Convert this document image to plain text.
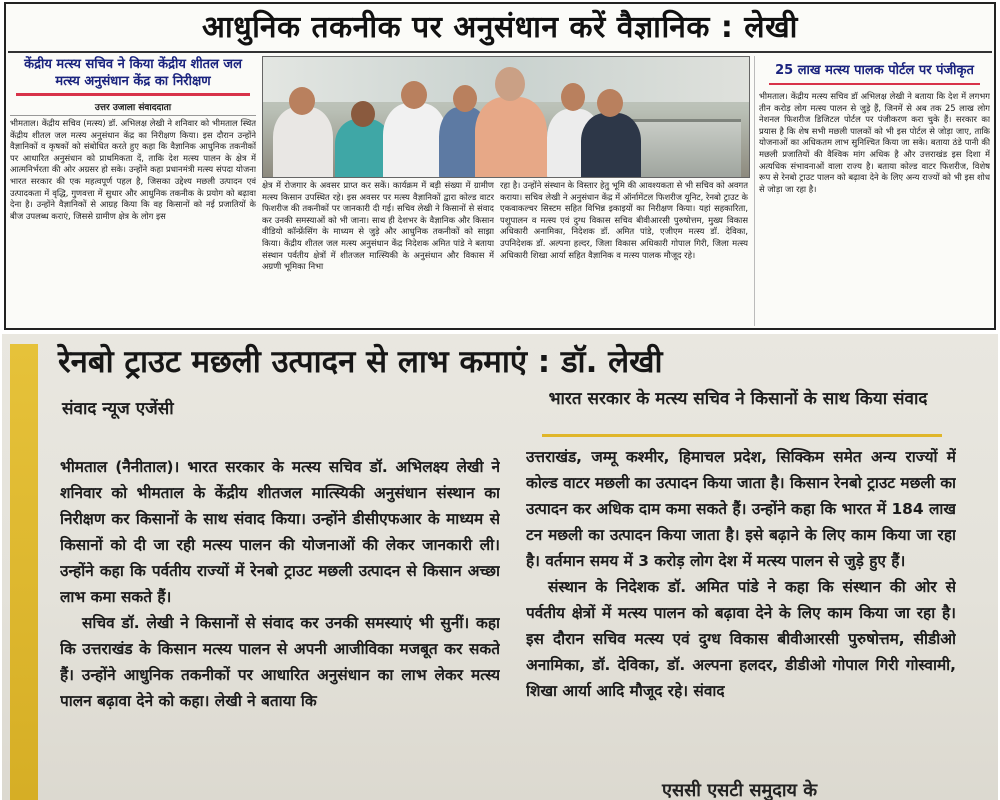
आधुनिक तकनीक पर अनुसंधान करें वैज्ञानिक : लेखी
केंद्रीय मत्स्य सचिव ने किया केंद्रीय शीतल जल मत्स्य अनुसंधान केंद्र का निरीक्षण
उत्तर उजाला संवाददाता

भीमताल। केंद्रीय सचिव (मत्स्य) डॉ. अभिलक्ष लेखी ने शनिवार को भीमताल स्थित केंद्रीय शीतल जल मत्स्य अनुसंधान केंद्र का निरीक्षण किया। इस दौरान उन्होंने वैज्ञानिकों व कृषकों को संबोधित करते हुए कहा कि वैज्ञानिक आधुनिक तकनीकों पर आधारित अनुसंधान को प्राथमिकता दें, ताकि देश मत्स्य पालन के क्षेत्र में आत्मनिर्भरता की ओर अग्रसर हो सके। उन्होंने कहा प्रधानमंत्री मत्स्य संपदा योजना भारत सरकार की एक महत्वपूर्ण पहल है, जिसका उद्देश्य मछली उत्पादन एवं उत्पादकता में वृद्धि, गुणवत्ता में सुधार और आधुनिक तकनीक के प्रयोग को बढ़ावा देना है। उन्होंने वैज्ञानिकों से आग्रह किया कि वह किसानों को नई प्रजातियों के बीज उपलब्ध कराएं, जिससे ग्रामीण क्षेत्र के लोग इस

क्षेत्र में रोजगार के अवसर प्राप्त कर सकें। कार्यक्रम में बड़ी संख्या में ग्रामीण मत्स्य किसान उपस्थित रहे। इस अवसर पर मत्स्य वैज्ञानिकों द्वारा कोल्ड वाटर फिशरीज की तकनीकों पर जानकारी दी गई। सचिव लेखी ने किसानों से संवाद कर उनकी समस्याओं को भी जाना। साथ ही देशभर के वैज्ञानिक और किसान वीडियो कॉन्फ्रेंसिंग के माध्यम से जुड़े और आधुनिक तकनीकों को साझा किया। केंद्रीय शीतल जल मत्स्य अनुसंधान केंद्र निदेशक अमित पांडे ने बताया संस्थान पर्वतीय क्षेत्रों में शीतजल मात्स्यिकी के अनुसंधान और विकास में अग्रणी भूमिका निभा

रहा है। उन्होंने संस्थान के विस्तार हेतु भूमि की आवश्यकता से भी सचिव को अवगत कराया। सचिव लेखी ने अनुसंधान केंद्र में ऑर्नामेंटल फिशरीज यूनिट, रेनबो ट्राउट के एकवाकल्चर सिस्टम सहित विभिन्न इकाइयों का निरीक्षण किया। यहां सहकारिता, पशुपालन व मत्स्य एवं दुग्ध विकास सचिव बीवीआरसी पुरुषोत्तम, मुख्य विकास अधिकारी अनामिका, निदेशक डॉ. अमित पांडे, एजीएम मत्स्य डॉ. देविका, उपनिदेशक डॉ. अल्पना हल्दर, जिला विकास अधिकारी गोपाल गिरी, जिला मत्स्य अधिकारी शिखा आर्या सहित वैज्ञानिक व मत्स्य पालक मौजूद रहे।

25 लाख मत्स्य पालक पोर्टल पर पंजीकृत

भीमताल। केंद्रीय मत्स्य सचिव डॉ अभिलक्ष लेखी ने बताया कि देश में लगभग तीन करोड़ लोग मत्स्य पालन से जुड़े हैं, जिनमें से अब तक 25 लाख लोग नेशनल फिशरीज डिजिटल पोर्टल पर पंजीकरण करा चुके हैं। सरकार का प्रयास है कि शेष सभी मछली पालकों को भी इस पोर्टल से जोड़ा जाए, ताकि योजनाओं का अधिकतम लाभ सुनिश्चित किया जा सके। बताया ठंडे पानी की मछली प्रजातियों की वैश्विक मांग अधिक है और उत्तराखंड इस दिशा में अत्यधिक संभावनाओं वाला राज्य है। बताया कोल्ड वाटर फिशरीज, विशेष रूप से रेनबो ट्राउट पालन को बढ़ावा देने के लिए अन्य राज्यों को भी इस शोध से जोड़ा जा रहा है।

रेनबो ट्राउट मछली उत्पादन से लाभ कमाएं : डॉ. लेखी
संवाद न्यूज एजेंसी	भारत सरकार के मत्स्य सचिव ने किसानों के साथ किया संवाद

भीमताल (नैनीताल)। भारत सरकार के मत्स्य सचिव डॉ. अभिलक्ष्य लेखी ने शनिवार को भीमताल के केंद्रीय शीतजल मात्स्यिकी अनुसंधान संस्थान का निरीक्षण कर किसानों के साथ संवाद किया। उन्होंने डीसीएफआर के माध्यम से किसानों को दी जा रही मत्स्य पालन की योजनाओं की लेकर जानकारी ली। उन्होंने कहा कि पर्वतीय राज्यों में रेनबो ट्राउट मछली उत्पादन से किसान अच्छा लाभ कमा सकते हैं।

सचिव डॉ. लेखी ने किसानों से संवाद कर उनकी समस्याएं भी सुनीं। कहा कि उत्तराखंड के किसान मत्स्य पालन से अपनी आजीविका मजबूत कर सकते हैं। उन्होंने आधुनिक तकनीकों पर आधारित अनुसंधान का लाभ लेकर मत्स्य पालन बढ़ावा देने को कहा। लेखी ने बताया कि

उत्तराखंड, जम्मू कश्मीर, हिमाचल प्रदेश, सिक्किम समेत अन्य राज्यों में कोल्ड वाटर मछली का उत्पादन किया जाता है। किसान रेनबो ट्राउट मछली का उत्पादन कर अधिक दाम कमा सकते हैं। उन्होंने कहा कि भारत में 184 लाख टन मछली का उत्पादन किया जाता है। इसे बढ़ाने के लिए काम किया जा रहा है। वर्तमान समय में 3 करोड़ लोग देश में मत्स्य पालन से जुड़े हुए हैं।

संस्थान के निदेशक डॉ. अमित पांडे ने कहा कि संस्थान की ओर से पर्वतीय क्षेत्रों में मत्स्य पालन को बढ़ावा देने के लिए काम किया जा रहा है। इस दौरान सचिव मत्स्य एवं दुग्ध विकास बीवीआरसी पुरुषोत्तम, सीडीओ अनामिका, डॉ. देविका, डॉ. अल्पना हलदर, डीडीओ गोपाल गिरी गोस्वामी, शिखा आर्या आदि मौजूद रहे। संवाद

एससी एसटी समुदाय के
